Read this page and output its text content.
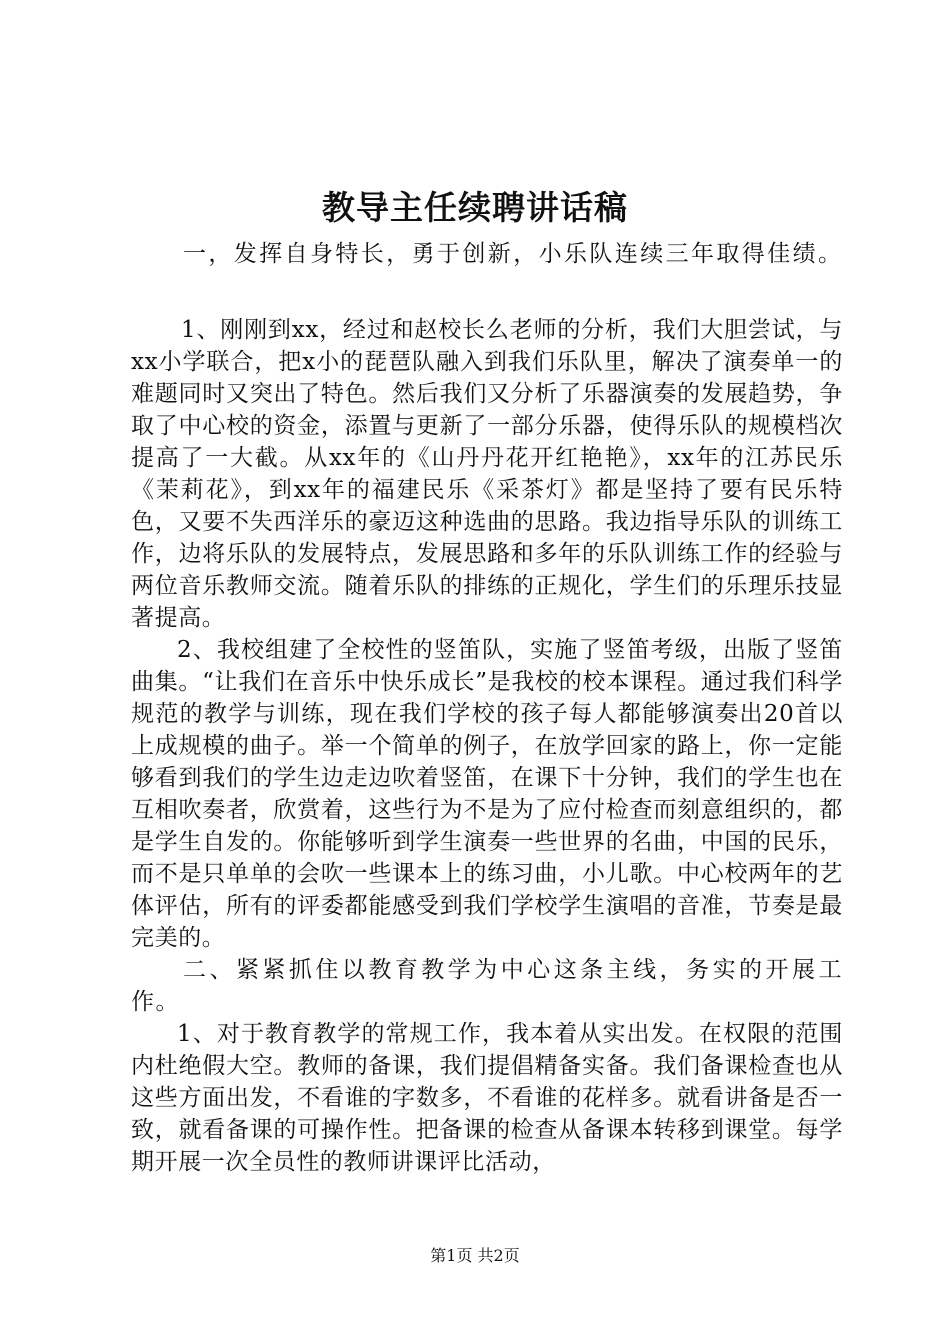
教导主任续聘讲话稿

一，发挥自身特长，勇于创新，小乐队连续三年取得佳绩。

1、刚刚到xx，经过和赵校长么老师的分析，我们大胆尝试，与xx小学联合，把x小的琵琶队融入到我们乐队里，解决了演奏单一的难题同时又突出了特色。然后我们又分析了乐器演奏的发展趋势，争取了中心校的资金，添置与更新了一部分乐器，使得乐队的规模档次提高了一大截。从xx年的《山丹丹花开红艳艳》，xx年的江苏民乐《茉莉花》，到xx年的福建民乐《采茶灯》都是坚持了要有民乐特色，又要不失西洋乐的豪迈这种选曲的思路。我边指导乐队的训练工作，边将乐队的发展特点，发展思路和多年的乐队训练工作的经验与两位音乐教师交流。随着乐队的排练的正规化，学生们的乐理乐技显著提高。

2、我校组建了全校性的竖笛队，实施了竖笛考级，出版了竖笛曲集。“让我们在音乐中快乐成长”是我校的校本课程。通过我们科学规范的教学与训练，现在我们学校的孩子每人都能够演奏出20首以上成规模的曲子。举一个简单的例子，在放学回家的路上，你一定能够看到我们的学生边走边吹着竖笛，在课下十分钟，我们的学生也在互相吹奏者，欣赏着，这些行为不是为了应付检查而刻意组织的，都是学生自发的。你能够听到学生演奏一些世界的名曲，中国的民乐，而不是只单单的会吹一些课本上的练习曲，小儿歌。中心校两年的艺体评估，所有的评委都能感受到我们学校学生演唱的音准，节奏是最完美的。

二、紧紧抓住以教育教学为中心这条主线，务实的开展工作。

1、对于教育教学的常规工作，我本着从实出发。在权限的范围内杜绝假大空。教师的备课，我们提倡精备实备。我们备课检查也从这些方面出发，不看谁的字数多，不看谁的花样多。就看讲备是否一致，就看备课的可操作性。把备课的检查从备课本转移到课堂。每学期开展一次全员性的教师讲课评比活动，

第1页 共2页
